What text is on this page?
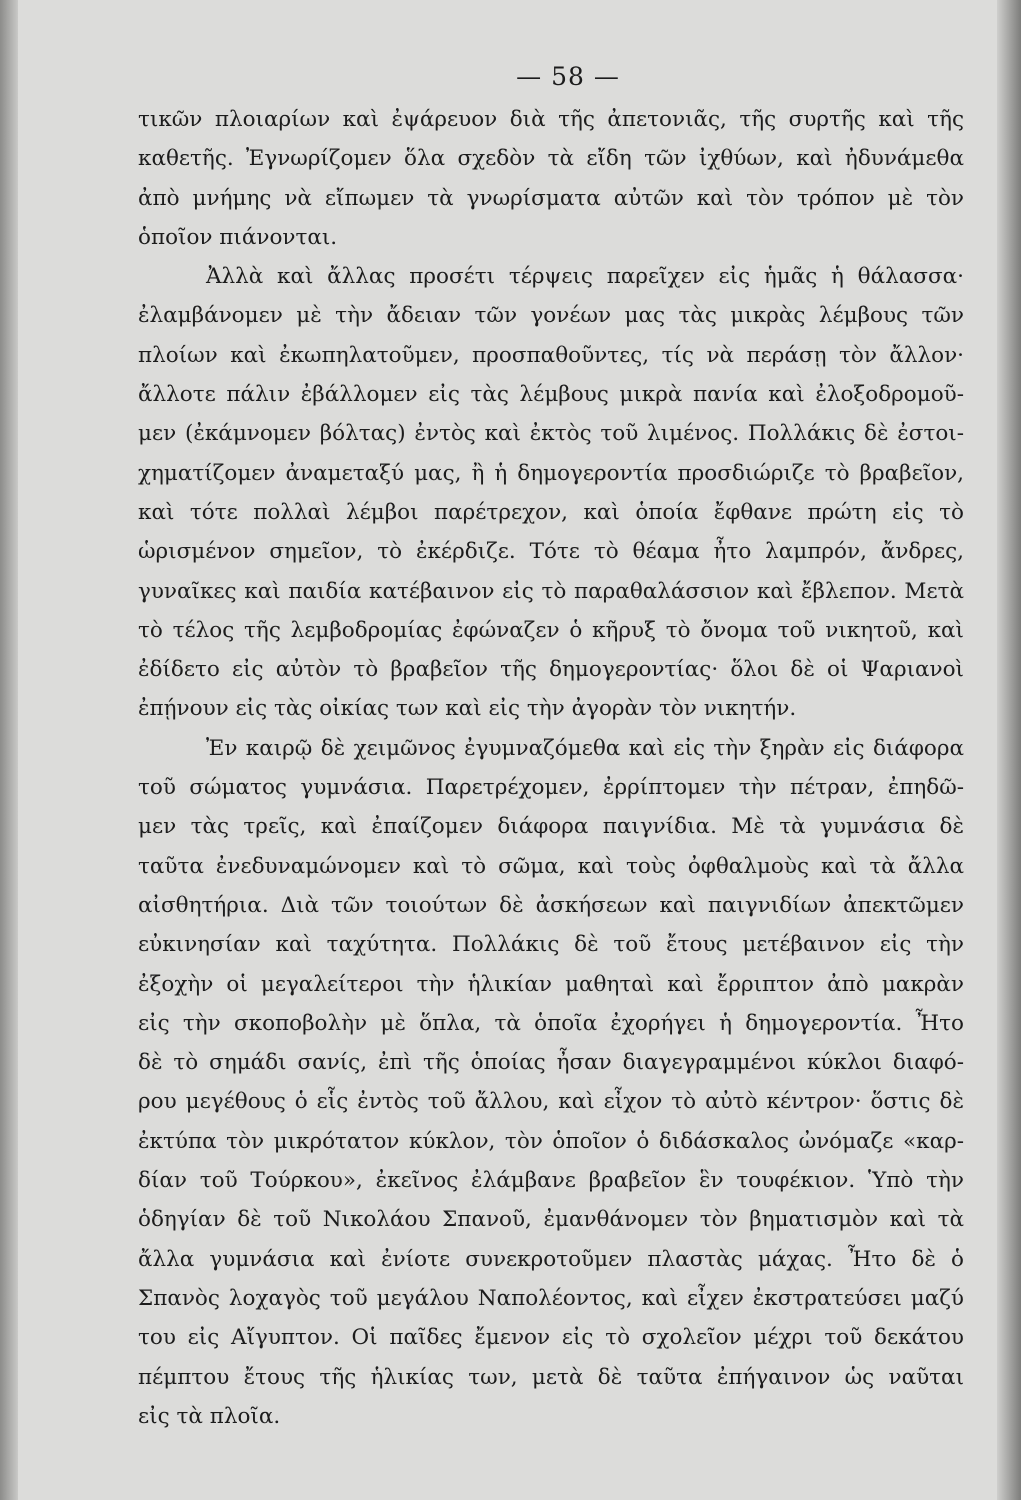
— 58 —
τικῶν πλοιαρίων καὶ ἐψάρευον διὰ τῆς ἀπετονιᾶς, τῆς συρτῆς καὶ τῆς
καθετῆς. Ἐγνωρίζομεν ὅλα σχεδὸν τὰ εἴδη τῶν ἰχθύων, καὶ ἠδυνάμεθα
ἀπὸ μνήμης νὰ εἴπωμεν τὰ γνωρίσματα αὐτῶν καὶ τὸν τρόπον μὲ τὸν
ὁποῖον πιάνονται.
Ἀλλὰ καὶ ἄλλας προσέτι τέρψεις παρεῖχεν εἰς ἡμᾶς ἡ θάλασσα·
ἐλαμβάνομεν μὲ τὴν ἄδειαν τῶν γονέων μας τὰς μικρὰς λέμβους τῶν
πλοίων καὶ ἐκωπηλατοῦμεν, προσπαθοῦντες, τίς νὰ περάσῃ τὸν ἄλλον·
ἄλλοτε πάλιν ἐβάλλομεν εἰς τὰς λέμβους μικρὰ πανία καὶ ἐλοξοδρομοῦ-
μεν (ἐκάμνομεν βόλτας) ἐντὸς καὶ ἐκτὸς τοῦ λιμένος. Πολλάκις δὲ ἐστοι-
χηματίζομεν ἀναμεταξύ μας, ἢ ἡ δημογεροντία προσδιώριζε τὸ βραβεῖον,
καὶ τότε πολλαὶ λέμβοι παρέτρεχον, καὶ ὁποία ἔφθανε πρώτη εἰς τὸ
ὡρισμένον σημεῖον, τὸ ἐκέρδιζε. Τότε τὸ θέαμα ἦτο λαμπρόν, ἄνδρες,
γυναῖκες καὶ παιδία κατέβαινον εἰς τὸ παραθαλάσσιον καὶ ἔβλεπον. Μετὰ
τὸ τέλος τῆς λεμβοδρομίας ἐφώναζεν ὁ κῆρυξ τὸ ὄνομα τοῦ νικητοῦ, καὶ
ἐδίδετο εἰς αὐτὸν τὸ βραβεῖον τῆς δημογεροντίας· ὅλοι δὲ οἱ Ψαριανοὶ
ἐπῄνουν εἰς τὰς οἰκίας των καὶ εἰς τὴν ἀγορὰν τὸν νικητήν.
Ἐν καιρῷ δὲ χειμῶνος ἐγυμναζόμεθα καὶ εἰς τὴν ξηρὰν εἰς διάφορα
τοῦ σώματος γυμνάσια. Παρετρέχομεν, ἐρρίπτομεν τὴν πέτραν, ἐπηδῶ-
μεν τὰς τρεῖς, καὶ ἐπαίζομεν διάφορα παιγνίδια. Μὲ τὰ γυμνάσια δὲ
ταῦτα ἐνεδυναμώνομεν καὶ τὸ σῶμα, καὶ τοὺς ὀφθαλμοὺς καὶ τὰ ἄλλα
αἰσθητήρια. Διὰ τῶν τοιούτων δὲ ἀσκήσεων καὶ παιγνιδίων ἀπεκτῶμεν
εὐκινησίαν καὶ ταχύτητα. Πολλάκις δὲ τοῦ ἔτους μετέβαινον εἰς τὴν
ἐξοχὴν οἱ μεγαλείτεροι τὴν ἡλικίαν μαθηταὶ καὶ ἔρριπτον ἀπὸ μακρὰν
εἰς τὴν σκοποβολὴν μὲ ὅπλα, τὰ ὁποῖα ἐχορήγει ἡ δημογεροντία. Ἦτο
δὲ τὸ σημάδι σανίς, ἐπὶ τῆς ὁποίας ἦσαν διαγεγραμμένοι κύκλοι διαφό-
ρου μεγέθους ὁ εἷς ἐντὸς τοῦ ἄλλου, καὶ εἶχον τὸ αὐτὸ κέντρον· ὅστις δὲ
ἐκτύπα τὸν μικρότατον κύκλον, τὸν ὁποῖον ὁ διδάσκαλος ὠνόμαζε «καρ-
δίαν τοῦ Τούρκου», ἐκεῖνος ἐλάμβανε βραβεῖον ἓν τουφέκιον. Ὑπὸ τὴν
ὁδηγίαν δὲ τοῦ Νικολάου Σπανοῦ, ἐμανθάνομεν τὸν βηματισμὸν καὶ τὰ
ἄλλα γυμνάσια καὶ ἐνίοτε συνεκροτοῦμεν πλαστὰς μάχας. Ἦτο δὲ ὁ
Σπανὸς λοχαγὸς τοῦ μεγάλου Ναπολέοντος, καὶ εἶχεν ἐκστρατεύσει μαζύ
του εἰς Αἴγυπτον. Οἱ παῖδες ἔμενον εἰς τὸ σχολεῖον μέχρι τοῦ δεκάτου
πέμπτου ἔτους τῆς ἡλικίας των, μετὰ δὲ ταῦτα ἐπήγαινον ὡς ναῦται
εἰς τὰ πλοῖα.
